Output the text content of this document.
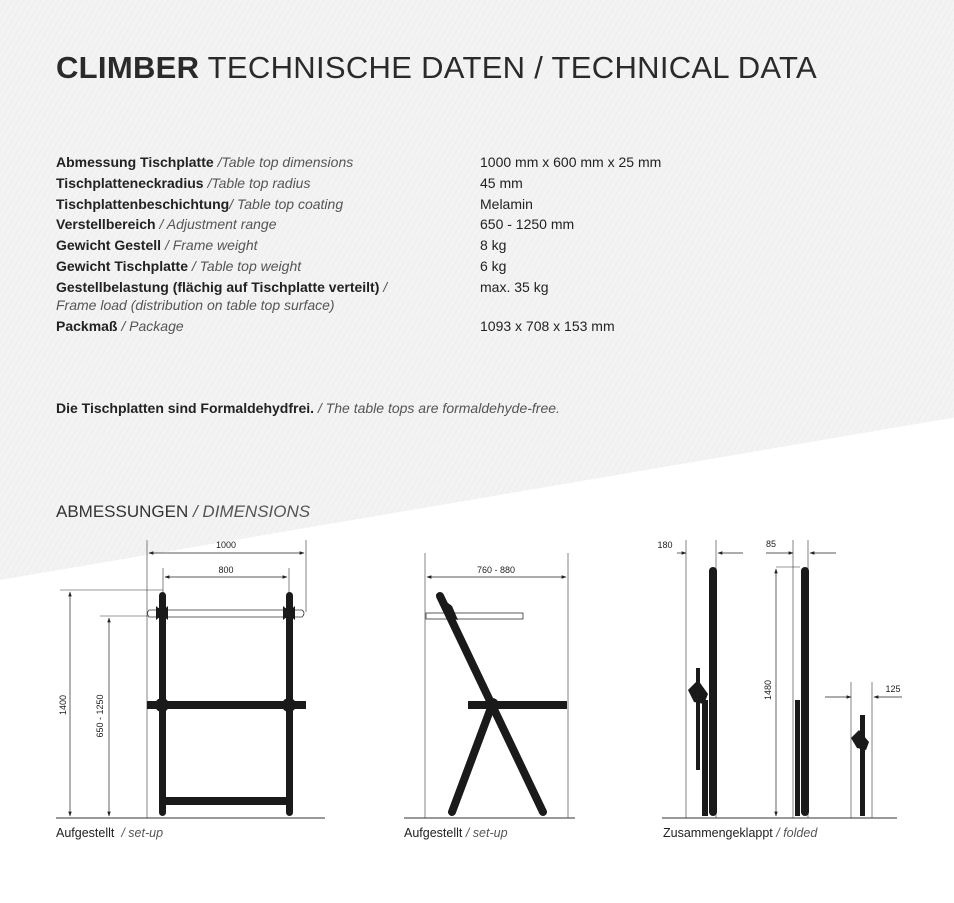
CLIMBER TECHNISCHE DATEN / TECHNICAL DATA
Abmessung Tischplatte /Table top dimensions	1000 mm x 600 mm x 25 mm
Tischplatteneckradius /Table top radius	45 mm
Tischplattenbeschichtung/ Table top coating	Melamin
Verstellbereich / Adjustment range	650 - 1250 mm
Gewicht Gestell / Frame weight	8 kg
Gewicht Tischplatte / Table top weight	6 kg
Gestellbelastung (flächig auf Tischplatte verteilt) /
Frame load (distribution on table top surface)
max. 35 kg
Packmaß / Package	1093 x 708 x 153 mm
Die Tischplatten sind Formaldehydfrei. / The table tops are formaldehyde-free.
ABMESSUNGEN / DIMENSIONS
1000
800
1400	650 - 1250
760 - 880
180	85
1480	125
Aufgestellt / set-up	Aufgestellt / set-up	Zusammengeklappt / folded
